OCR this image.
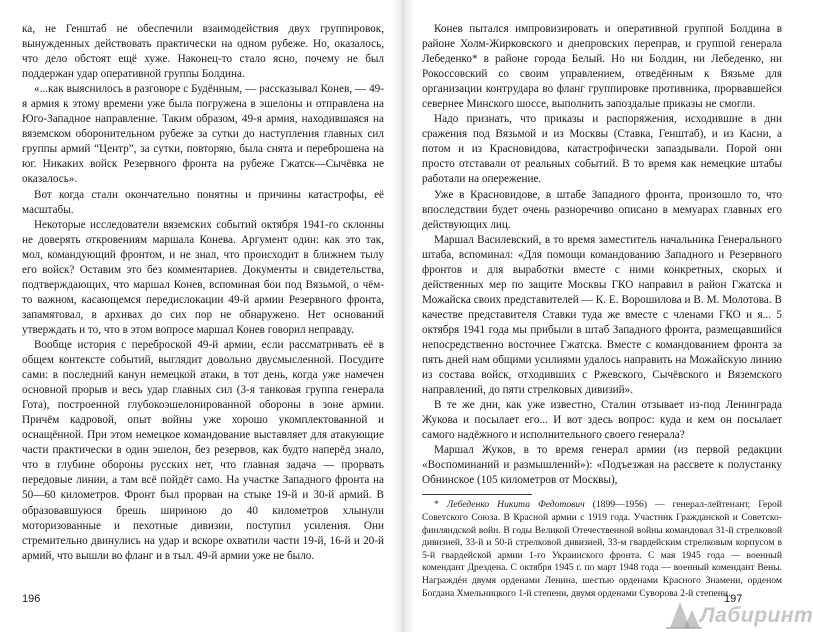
ка, не Генштаб не обеспечили взаимодействия двух группировок, вынужденных действовать практически на одном рубеже. Но, оказалось, что дело обстоят ещё хуже. Наконец-то стало ясно, почему не был поддержан удар оперативной группы Болдина.

«...как выяснилось в разговоре с Будённым, — рассказывал Конев, — 49-я армия к этому времени уже была погружена в эшелоны и отправлена на Юго-Западное направление. Таким образом, 49-я армия, находившаяся на вяземском оборонительном рубеже за сутки до наступления главных сил группы армий “Центр”, за сутки, повторяю, была снята и переброшена на юг. Никаких войск Резервного фронта на рубеже Гжатск—Сычёвка не оказалось».

Вот когда стали окончательно понятны и причины катастрофы, её масштабы.

Некоторые исследователи вяземских событий октября 1941-го склонны не доверять откровениям маршала Конева. Аргумент один: как это так, мол, командующий фронтом, и не знал, что происходит в ближнем тылу его войск? Оставим это без комментариев. Документы и свидетельства, подтверждающих, что маршал Конев, вспоминая бои под Вязьмой, о чём-то важном, касающемся передислокации 49-й армии Резервного фронта, запамятовал, в архивах до сих пор не обнаружено. Нет оснований утверждать и то, что в этом вопросе маршал Конев говорил неправду.

Вообще история с переброской 49-й армии, если рассматривать её в общем контексте событий, выглядит довольно двусмысленной. Посудите сами: в последний канун немецкой атаки, в тот день, когда уже намечен основной прорыв и весь удар главных сил (3-я танковая группа генерала Гота), построенной глубокоэшелонированной обороны в зоне армии. Причём кадровой, опыт войны уже хорошо укомплектованной и оснащённой. При этом немецкое командование выставляет для атакующие части практически в один эшелон, без резервов, как будто наперёд знало, что в глубине обороны русских нет, что главная задача — прорвать передовые линии, а там всё пойдёт само. На участке Западного фронта на 50—60 километров. Фронт был прорван на стыке 19-й и 30-й армий. В образовавшуюся брешь шириною до 40 километров хлынули моторизованные и пехотные дивизии, поступил усиления. Они стремительно двинулись на удар и вскоре охватили части 19-й, 16-й и 20-й армий, что вышли во фланг и в тыл. 49-й армии уже не было.

196

Конев пытался импровизировать и оперативной группой Болдина в районе Холм-Жирковского и днепровских переправ, и группой генерала Лебеденко* в районе города Белый. Но ни Болдин, ни Лебеденко, ни Рокоссовский со своим управлением, отведённым к Вязьме для организации контрудара во фланг группировке противника, прорвавшейся севернее Минского шоссе, выполнить запоздалые приказы не смогли.

Надо признать, что приказы и распоряжения, исходившие в дни сражения под Вязьмой и из Москвы (Ставка, Генштаб), и из Касни, а потом и из Красновидова, катастрофически запаздывали. Порой они просто отставали от реальных событий. В то время как немецкие штабы работали на опережение.

Уже в Красновидове, в штабе Западного фронта, произошло то, что впоследствии будет очень разноречиво описано в мемуарах главных его действующих лиц.

Маршал Василевский, в то время заместитель начальника Генерального штаба, вспоминал: «Для помощи командованию Западного и Резервного фронтов и для выработки вместе с ними конкретных, скорых и действенных мер по защите Москвы ГКО направил в район Гжатска и Можайска своих представителей — К. Е. Ворошилова и В. М. Молотова. В качестве представителя Ставки туда же вместе с членами ГКО и я... 5 октября 1941 года мы прибыли в штаб Западного фронта, размещавшийся непосредственно восточнее Гжатска. Вместе с командованием фронта за пять дней нам общими усилиями удалось направить на Можайскую линию из состава войск, отходивших с Ржевского, Сычёвского и Вяземского направлений, до пяти стрелковых дивизий».

В те же дни, как уже известно, Сталин отзывает из-под Ленинграда Жукова и посылает его... И вот здесь вопрос: куда и кем он посылает самого надёжного и исполнительного своего генерала?

Маршал Жуков, в то время генерал армии (из первой редакции «Воспоминаний и размышлений»): «Подъезжая на рассвете к полустанку Обнинское (105 километров от Москвы),

* Лебеденко Никита Федотович (1899—1956) — генерал-лейтенант, Герой Советского Союза. В Красной армии с 1919 года. Участник Гражданской и Советско-финляндской войн. В годы Великой Отечественной войны командовал 31-й стрелковой дивизией, 33-й и 50-й стрелковой дивизией, 33-м гвардейским стрелковым корпусом в 5-й гвардейской армии 1-го Украинского фронта. С мая 1945 года — военный комендант Дрездена. С октября 1945 г. по март 1948 года — военный комендант Вены. Награждён двумя орденами Ленина, шестью орденами Красного Знамени, орденом Богдана Хмельницкого 1-й степени, двумя орденами Суворова 2-й степени.

197
Лабиринт
